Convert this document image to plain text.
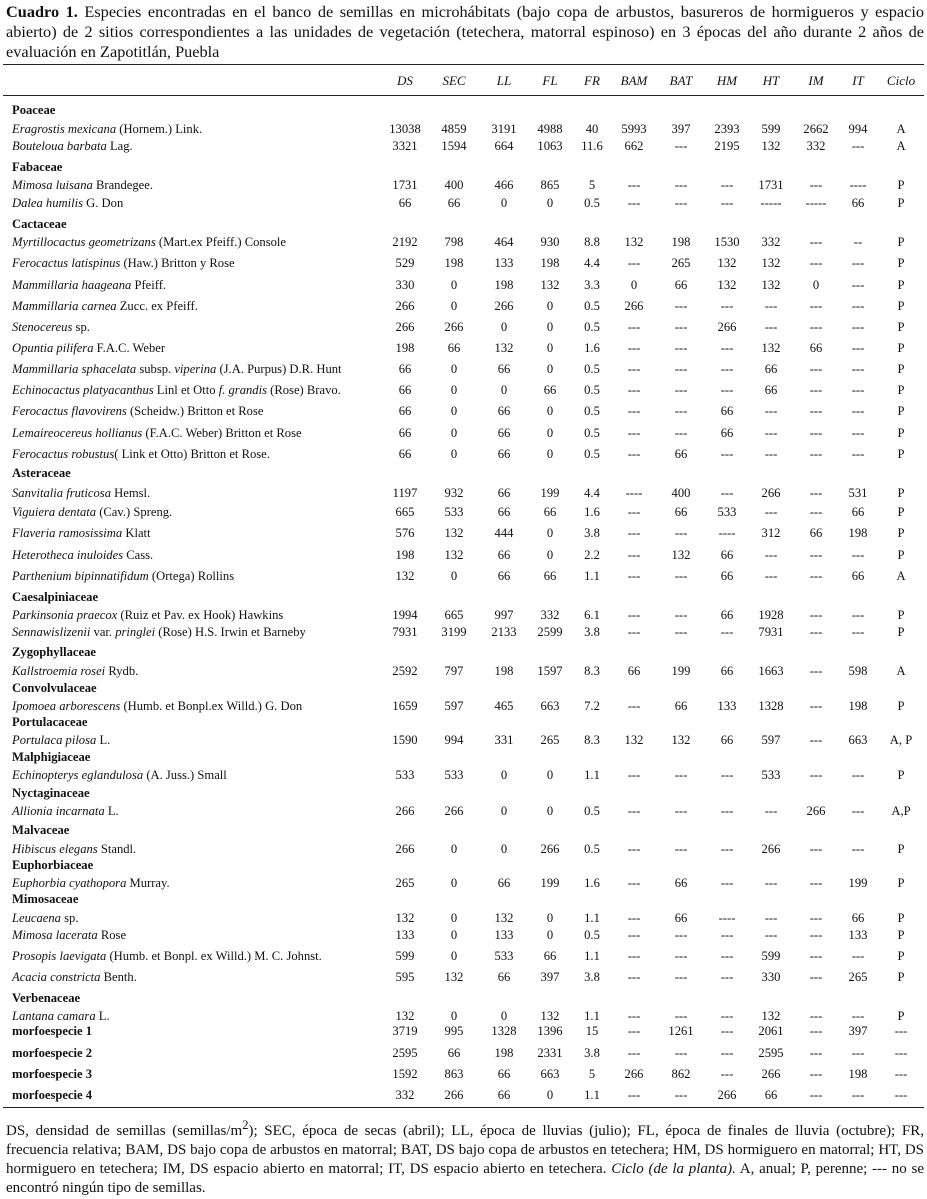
Cuadro 1. Especies encontradas en el banco de semillas en microhábitats (bajo copa de arbustos, basureros de hormigueros y espacio abierto) de 2 sitios correspondientes a las unidades de vegetación (tetechera, matorral espinoso) en 3 épocas del año durante 2 años de evaluación en Zapotitlán, Puebla
DS	SEC	LL	FL	FR	BAM	BAT	HM	HT	IM	IT	Ciclo
Poaceae
Eragrostis mexicana (Hornem.) Link.	13038	4859	3191	4988	40	5993	397	2393	599	2662	994	A
Bouteloua barbata Lag.	3321	1594	664	1063	11.6	662	---	2195	132	332	---	A
Fabaceae
Mimosa luisana Brandegee.	1731	400	466	865	5	---	---	---	1731	---	----	P
Dalea humilis G. Don	66	66	0	0	0.5	---	---	---	-----	-----	66	P
Cactaceae
Myrtillocactus geometrizans (Mart.ex Pfeiff.) Console	2192	798	464	930	8.8	132	198	1530	332	---	--	P
Ferocactus latispinus (Haw.) Britton y Rose	529	198	133	198	4.4	---	265	132	132	---	---	P
Mammillaria haageana Pfeiff.	330	0	198	132	3.3	0	66	132	132	0	---	P
Mammillaria carnea Zucc. ex Pfeiff.	266	0	266	0	0.5	266	---	---	---	---	---	P
Stenocereus sp.	266	266	0	0	0.5	---	---	266	---	---	---	P
Opuntia pilifera F.A.C. Weber	198	66	132	0	1.6	---	---	---	132	66	---	P
Mammillaria sphacelata subsp. viperina (J.A. Purpus) D.R. Hunt	66	0	66	0	0.5	---	---	---	66	---	---	P
Echinocactus platyacanthus Linl et Otto f. grandis (Rose) Bravo.	66	0	0	66	0.5	---	---	---	66	---	---	P
Ferocactus flavovirens (Scheidw.) Britton et Rose	66	0	66	0	0.5	---	---	66	---	---	---	P
Lemaireocereus hollianus (F.A.C. Weber) Britton et Rose	66	0	66	0	0.5	---	---	66	---	---	---	P
Ferocactus robustus( Link et Otto) Britton et Rose.	66	0	66	0	0.5	---	66	---	---	---	---	P
Asteraceae
Sanvitalia fruticosa Hemsl.	1197	932	66	199	4.4	----	400	---	266	---	531	P
Viguiera dentata (Cav.) Spreng.	665	533	66	66	1.6	---	66	533	---	---	66	P
Flaveria ramosissima Klatt	576	132	444	0	3.8	---	---	----	312	66	198	P
Heterotheca inuloides Cass.	198	132	66	0	2.2	---	132	66	---	---	---	P
Parthenium bipinnatifidum (Ortega) Rollins	132	0	66	66	1.1	---	---	66	---	---	66	A
Caesalpiniaceae
Parkinsonia praecox (Ruiz et Pav. ex Hook) Hawkins	1994	665	997	332	6.1	---	---	66	1928	---	---	P
Sennawislizenii var. pringlei (Rose) H.S. Irwin et Barneby	7931	3199	2133	2599	3.8	---	---	---	7931	---	---	P
Zygophyllaceae
Kallstroemia rosei Rydb.	2592	797	198	1597	8.3	66	199	66	1663	---	598	A
Convolvulaceae
Ipomoea arborescens (Humb. et Bonpl.ex Willd.) G. Don	1659	597	465	663	7.2	---	66	133	1328	---	198	P
Portulacaceae
Portulaca pilosa L.	1590	994	331	265	8.3	132	132	66	597	---	663	A, P
Malphigiaceae
Echinopterys eglandulosa (A. Juss.) Small	533	533	0	0	1.1	---	---	---	533	---	---	P
Nyctaginaceae
Allionia incarnata L.	266	266	0	0	0.5	---	---	---	---	266	---	A,P
Malvaceae
Hibiscus elegans Standl.	266	0	0	266	0.5	---	---	---	266	---	---	P
Euphorbiaceae
Euphorbia cyathopora Murray.	265	0	66	199	1.6	---	66	---	---	---	199	P
Mimosaceae
Leucaena sp.	132	0	132	0	1.1	---	66	----	---	---	66	P
Mimosa lacerata Rose	133	0	133	0	0.5	---	---	---	---	---	133	P
Prosopis laevigata (Humb. et Bonpl. ex Willd.) M. C. Johnst.	599	0	533	66	1.1	---	---	---	599	---	---	P
Acacia constricta Benth.	595	132	66	397	3.8	---	---	---	330	---	265	P
Verbenaceae
Lantana camara L.	132	0	0	132	1.1	---	---	---	132	---	---	P
morfoespecie 1	3719	995	1328	1396	15	---	1261	---	2061	---	397	---
morfoespecie 2	2595	66	198	2331	3.8	---	---	---	2595	---	---	---
morfoespecie 3	1592	863	66	663	5	266	862	---	266	---	198	---
morfoespecie 4	332	266	66	0	1.1	---	---	266	66	---	---	---
DS, densidad de semillas $(semillas/m^2)$; SEC, época de secas (abril); LL, época de lluvias (julio); FL, época de finales de lluvia (octubre); FR, frecuencia relativa; BAM, DS bajo copa de arbustos en matorral; BAT, DS bajo copa de arbustos en tetechera; HM, DS hormiguero en matorral; HT, DS hormiguero en tetechera; IM, DS espacio abierto en matorral; IT, DS espacio abierto en tetechera. Ciclo (de la planta). A, anual; P, perenne; --- no se encontró ningún tipo de semillas.
